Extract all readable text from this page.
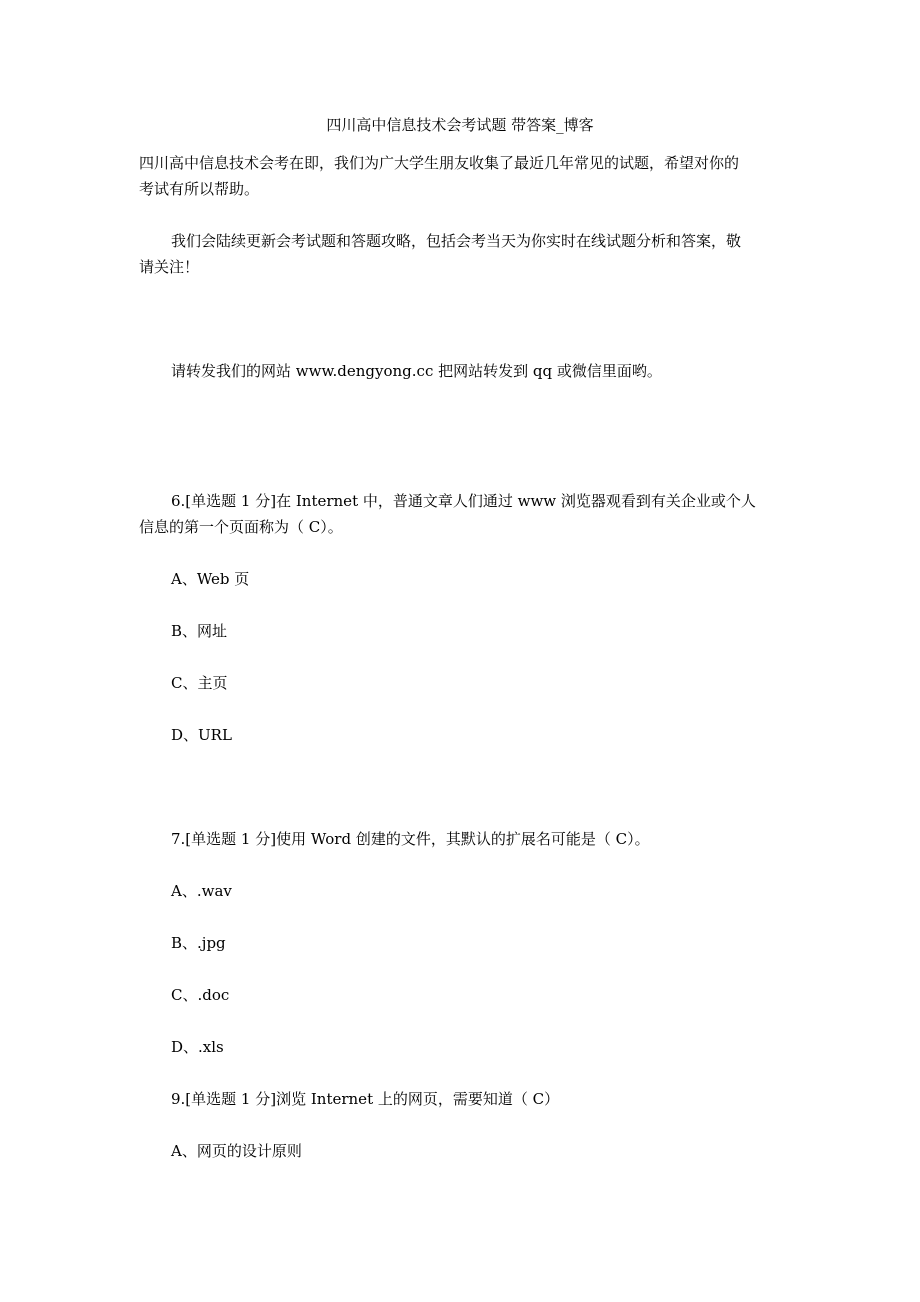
四川高中信息技术会考试题 带答案_博客
四川高中信息技术会考在即，我们为广大学生朋友收集了最近几年常见的试题，希望对你的
考试有所以帮助。
我们会陆续更新会考试题和答题攻略，包括会考当天为你实时在线试题分析和答案，敬
请关注！
请转发我们的网站 www.dengyong.cc 把网站转发到 qq 或微信里面哟。
6.[单选题 1 分]在 Internet 中，普通文章人们通过 www 浏览器观看到有关企业或个人
信息的第一个页面称为（ C）。
A、Web 页
B、网址
C、主页
D、URL
7.[单选题 1 分]使用 Word 创建的文件，其默认的扩展名可能是（ C）。
A、.wav
B、.jpg
C、.doc
D、.xls
9.[单选题 1 分]浏览 Internet 上的网页，需要知道（ C）
A、网页的设计原则
